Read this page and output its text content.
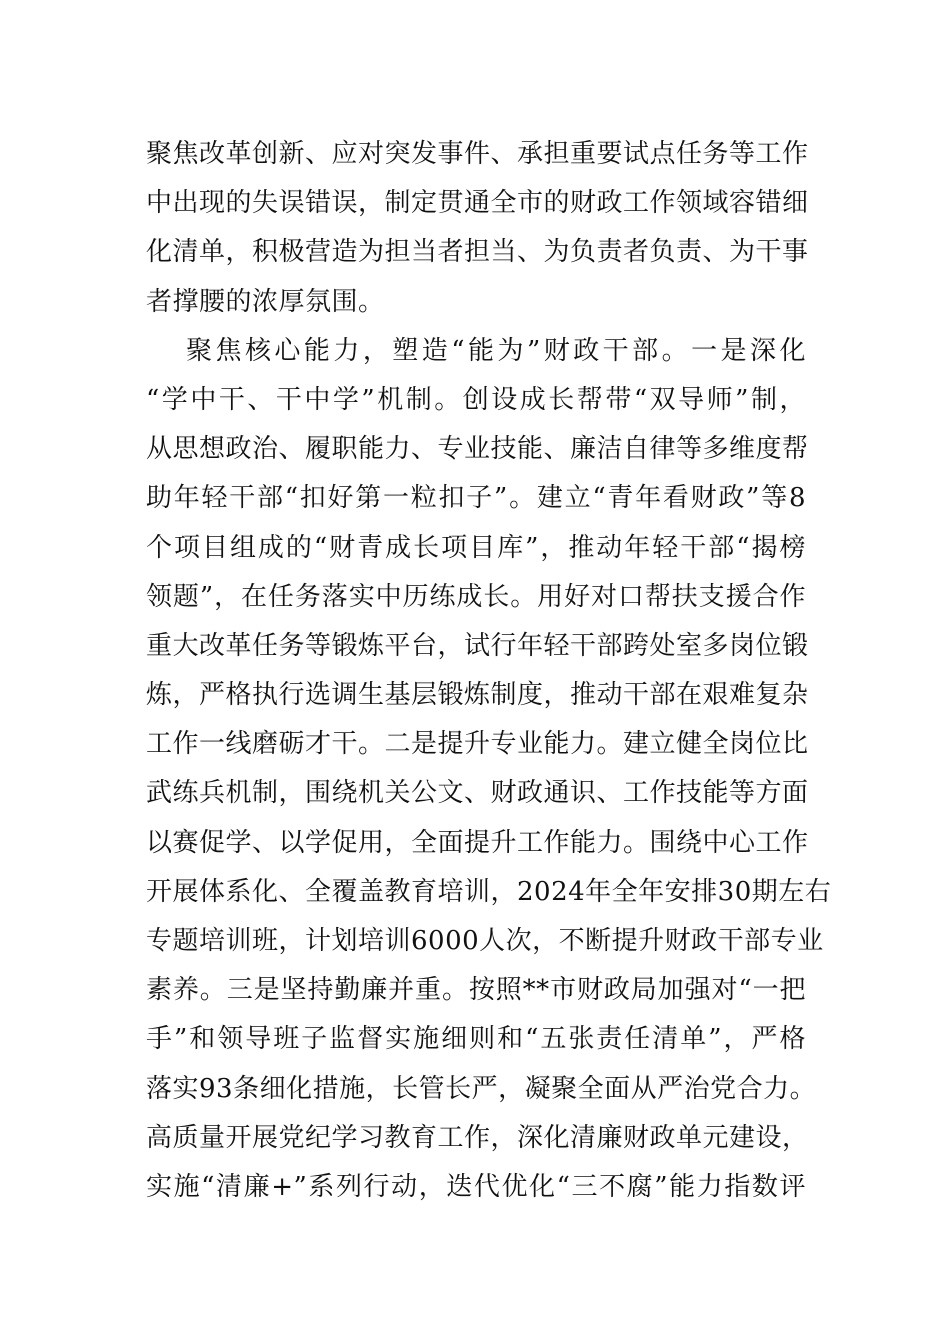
聚焦改革创新、应对突发事件、承担重要试点任务等工作
中出现的失误错误，制定贯通全市的财政工作领域容错细
化清单，积极营造为担当者担当、为负责者负责、为干事
者撑腰的浓厚氛围。
聚焦核心能力，塑造“能为”财政干部。一是深化
“学中干、干中学”机制。创设成长帮带“双导师”制，
从思想政治、履职能力、专业技能、廉洁自律等多维度帮
助年轻干部“扣好第一粒扣子”。建立“青年看财政”等8
个项目组成的“财青成长项目库”，推动年轻干部“揭榜
领题”，在任务落实中历练成长。用好对口帮扶支援合作
重大改革任务等锻炼平台，试行年轻干部跨处室多岗位锻
炼，严格执行选调生基层锻炼制度，推动干部在艰难复杂
工作一线磨砺才干。二是提升专业能力。建立健全岗位比
武练兵机制，围绕机关公文、财政通识、工作技能等方面
以赛促学、以学促用，全面提升工作能力。围绕中心工作
开展体系化、全覆盖教育培训，2024年全年安排30期左右
专题培训班，计划培训6000人次，不断提升财政干部专业
素养。三是坚持勤廉并重。按照**市财政局加强对“一把
手”和领导班子监督实施细则和“五张责任清单”，严格
落实93条细化措施，长管长严，凝聚全面从严治党合力。
高质量开展党纪学习教育工作，深化清廉财政单元建设，
实施“清廉+”系列行动，迭代优化“三不腐”能力指数评
